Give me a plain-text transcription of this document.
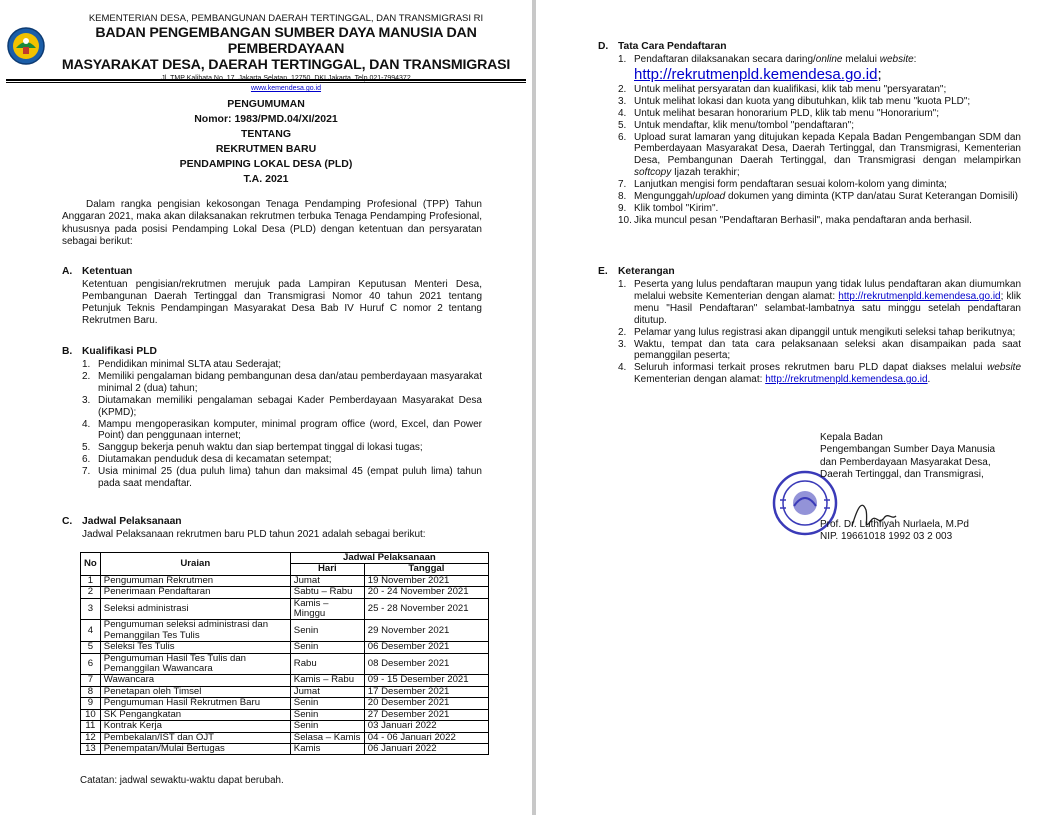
KEMENTERIAN DESA, PEMBANGUNAN DAERAH TERTINGGAL, DAN TRANSMIGRASI RI
BADAN PENGEMBANGAN SUMBER DAYA MANUSIA DAN PEMBERDAYAAN
MASYARAKAT DESA, DAERAH TERTINGGAL, DAN TRANSMIGRASI
www.kemendesa.go.id
PENGUMUMAN
Nomor: 1983/PMD.04/XI/2021
TENTANG
REKRUTMEN BARU
PENDAMPING LOKAL DESA (PLD)
T.A. 2021

Dalam rangka pengisian kekosongan Tenaga Pendamping Profesional (TPP) Tahun Anggaran 2021, maka akan dilaksanakan rekrutmen terbuka Tenaga Pendamping Profesional, khususnya pada posisi Pendamping Lokal Desa (PLD) dengan ketentuan dan persyaratan sebagai berikut:

A. Ketentuan
Ketentuan pengisian/rekrutmen merujuk pada Lampiran Keputusan Menteri Desa, Pembangunan Daerah Tertinggal dan Transmigrasi Nomor 40 tahun 2021 tentang Petunjuk Teknis Pendampingan Masyarakat Desa Bab IV Huruf C nomor 2 tentang Rekrutmen Baru.
B. Kualifikasi PLD
1. Pendidikan minimal SLTA atau Sederajat;
2. Memiliki pengalaman bidang pembangunan desa dan/atau pemberdayaan masyarakat minimal 2 (dua) tahun;
3. Diutamakan memiliki pengalaman sebagai Kader Pemberdayaan Masyarakat Desa (KPMD);
4. Mampu mengoperasikan komputer, minimal program office (word, Excel, dan Power Point) dan penggunaan internet;
5. Sanggup bekerja penuh waktu dan siap bertempat tinggal di lokasi tugas;
6. Diutamakan penduduk desa di kecamatan setempat;
7. Usia minimal 25 (dua puluh lima) tahun dan maksimal 45 (empat puluh lima) tahun pada saat mendaftar.
C. Jadwal Pelaksanaan
Jadwal Pelaksanaan rekrutmen baru PLD tahun 2021 adalah sebagai berikut:
No	Uraian	Jadwal Pelaksanaan	
		Hari	Tanggal
1	Pengumuman Rekrutmen	Jumat	19 November 2021
2	Penerimaan Pendaftaran	Sabtu – Rabu	20 - 24 November 2021
3	Seleksi administrasi	Kamis – Minggu	25 - 28 November 2021
4	Pengumuman seleksi administrasi dan Pemanggilan Tes Tulis	Senin	29 November 2021
5	Seleksi Tes Tulis	Senin	06 Desember 2021
6	Pengumuman Hasil Tes Tulis dan Pemanggilan Wawancara	Rabu	08 Desember 2021
7	Wawancara	Kamis – Rabu	09 - 15 Desember 2021
8	Penetapan oleh Timsel	Jumat	17 Desember 2021
9	Pengumuman Hasil Rekrutmen Baru	Senin	20 Desember 2021
10	SK Pengangkatan	Senin	27 Desember 2021
11	Kontrak Kerja	Senin	03 Januari 2022
12	Pembekalan/IST dan OJT	Selasa – Kamis	04 - 06 Januari 2022
13	Penempatan/Mulai Bertugas	Kamis	06 Januari 2022
Catatan: jadwal sewaktu-waktu dapat berubah.
D. Tata Cara Pendaftaran
1. Pendaftaran dilaksanakan secara daring/online melalui website:
http://rekrutmenpld.kemendesa.go.id;
2. Untuk melihat persyaratan dan kualifikasi, klik tab menu "persyaratan";
3. Untuk melihat lokasi dan kuota yang dibutuhkan, klik tab menu "kuota PLD";
4. Untuk melihat besaran honorarium PLD, klik tab menu "Honorarium";
5. Untuk mendaftar, klik menu/tombol "pendaftaran";
6. Upload surat lamaran yang ditujukan kepada Kepala Badan Pengembangan SDM dan Pemberdayaan Masyarakat Desa, Daerah Tertinggal, dan Transmigrasi, Kementerian Desa, Pembangunan Daerah Tertinggal, dan Transmigrasi dengan melampirkan softcopy Ijazah terakhir;
7. Lanjutkan mengisi form pendaftaran sesuai kolom-kolom yang diminta;
8. Mengunggah/upload dokumen yang diminta (KTP dan/atau Surat Keterangan Domisili)
9. Klik tombol "Kirim".
10. Jika muncul pesan "Pendaftaran Berhasil", maka pendaftaran anda berhasil.
E. Keterangan
1. Peserta yang lulus pendaftaran maupun yang tidak lulus pendaftaran akan diumumkan melalui website Kementerian dengan alamat: http://rekrutmenpld.kemendesa.go.id; klik menu "Hasil Pendaftaran" selambat-lambatnya satu minggu setelah pendaftaran ditutup.
2. Pelamar yang lulus registrasi akan dipanggil untuk mengikuti seleksi tahap berikutnya;
3. Waktu, tempat dan tata cara pelaksanaan seleksi akan disampaikan pada saat pemanggilan peserta;
4. Seluruh informasi terkait proses rekrutmen baru PLD dapat diakses melalui website Kementerian dengan alamat: http://rekrutmenpld.kemendesa.go.id.
Kepala Badan
Pengembangan Sumber Daya Manusia
dan Pemberdayaan Masyarakat Desa,
Daerah Tertinggal, dan Transmigrasi,
Prof. Dr. Luthfiyah Nurlaela, M.Pd
NIP. 19661018 1992 03 2 003
